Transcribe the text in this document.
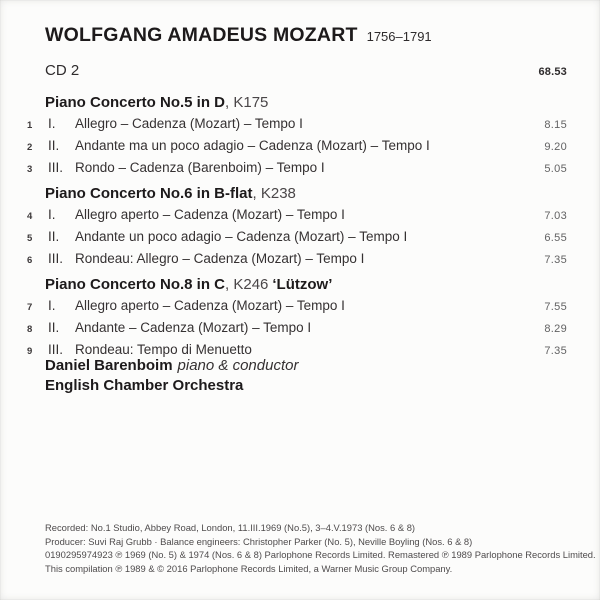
WOLFGANG AMADEUS MOZART 1756–1791
CD 2	68.53
Piano Concerto No.5 in D, K175
1	I.	Allegro – Cadenza (Mozart) – Tempo I	8.15
2	II.	Andante ma un poco adagio – Cadenza (Mozart) – Tempo I	9.20
3	III. Rondo – Cadenza (Barenboim) – Tempo I	5.05
Piano Concerto No.6 in B-flat, K238
4	I.	Allegro aperto – Cadenza (Mozart) – Tempo I	7.03
5	II.	Andante un poco adagio – Cadenza (Mozart) – Tempo I	6.55
6	III. Rondeau: Allegro – Cadenza (Mozart) – Tempo I	7.35
Piano Concerto No.8 in C, K246 ‘Lützow’
7	I.	Allegro aperto – Cadenza (Mozart) – Tempo I	7.55
8	II.	Andante – Cadenza (Mozart) – Tempo I	8.29
9	III. Rondeau: Tempo di Menuetto	7.35
Daniel Barenboim piano & conductor
English Chamber Orchestra
Recorded: No.1 Studio, Abbey Road, London, 11.III.1969 (No.5), 3–4.V.1973 (Nos. 6 & 8)
Producer: Suvi Raj Grubb · Balance engineers: Christopher Parker (No. 5), Neville Boyling (Nos. 6 & 8)
0190295974923 ℗ 1969 (No. 5) & 1974 (Nos. 6 & 8) Parlophone Records Limited. Remastered ℗ 1989 Parlophone Records Limited.
This compilation ℗ 1989 & © 2016 Parlophone Records Limited, a Warner Music Group Company.
